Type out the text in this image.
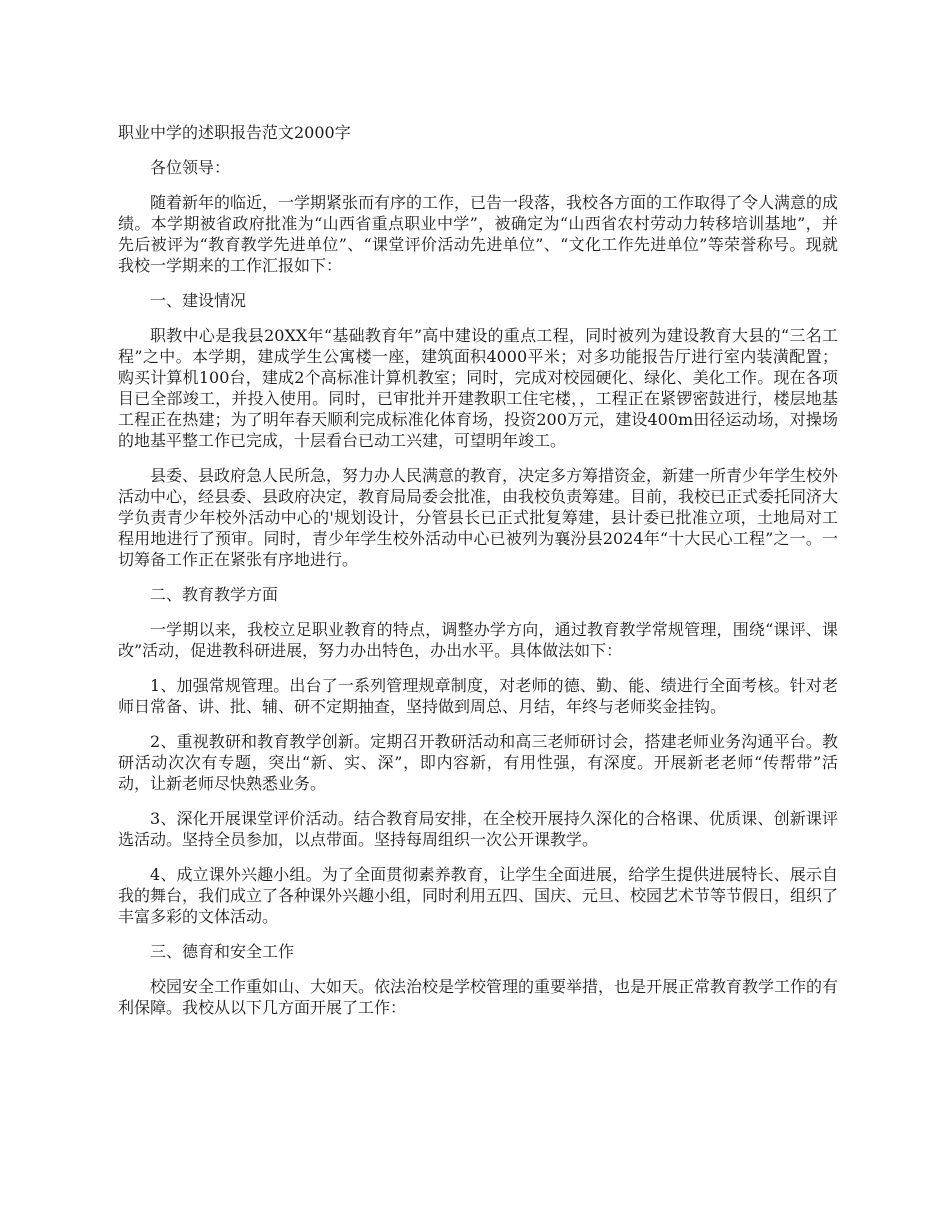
职业中学的述职报告范文2000字

各位领导：

随着新年的临近，一学期紧张而有序的工作，已告一段落，我校各方面的工作取得了令人满意的成绩。本学期被省政府批准为“山西省重点职业中学”，被确定为“山西省农村劳动力转移培训基地”，并先后被评为“教育教学先进单位”、“课堂评价活动先进单位”、“文化工作先进单位”等荣誉称号。现就我校一学期来的工作汇报如下：

一、建设情况

职教中心是我县20XX年“基础教育年”高中建设的重点工程，同时被列为建设教育大县的“三名工程”之中。本学期，建成学生公寓楼一座，建筑面积4000平米；对多功能报告厅进行室内装潢配置；购买计算机100台，建成2个高标准计算机教室；同时，完成对校园硬化、绿化、美化工作。现在各项目已全部竣工，并投入使用。同时，已审批并开建教职工住宅楼，，工程正在紧锣密鼓进行，楼层地基工程正在热建；为了明年春天顺利完成标准化体育场，投资200万元，建设400m田径运动场，对操场的地基平整工作已完成，十层看台已动工兴建，可望明年竣工。

县委、县政府急人民所急，努力办人民满意的教育，决定多方筹措资金，新建一所青少年学生校外活动中心，经县委、县政府决定，教育局局委会批准，由我校负责筹建。目前，我校已正式委托同济大学负责青少年校外活动中心的'规划设计，分管县长已正式批复筹建，县计委已批准立项，土地局对工程用地进行了预审。同时，青少年学生校外活动中心已被列为襄汾县2024年“十大民心工程”之一。一切筹备工作正在紧张有序地进行。

二、教育教学方面

一学期以来，我校立足职业教育的特点，调整办学方向，通过教育教学常规管理，围绕“课评、课改”活动，促进教科研进展，努力办出特色，办出水平。具体做法如下：

1、加强常规管理。出台了一系列管理规章制度，对老师的德、勤、能、绩进行全面考核。针对老师日常备、讲、批、辅、研不定期抽查，坚持做到周总、月结，年终与老师奖金挂钩。

2、重视教研和教育教学创新。定期召开教研活动和高三老师研讨会，搭建老师业务沟通平台。教研活动次次有专题，突出“新、实、深”，即内容新，有用性强，有深度。开展新老老师“传帮带”活动，让新老师尽快熟悉业务。

3、深化开展课堂评价活动。结合教育局安排，在全校开展持久深化的合格课、优质课、创新课评选活动。坚持全员参加，以点带面。坚持每周组织一次公开课教学。

4、成立课外兴趣小组。为了全面贯彻素养教育，让学生全面进展，给学生提供进展特长、展示自我的舞台，我们成立了各种课外兴趣小组，同时利用五四、国庆、元旦、校园艺术节等节假日，组织了丰富多彩的文体活动。

三、德育和安全工作

校园安全工作重如山、大如天。依法治校是学校管理的重要举措，也是开展正常教育教学工作的有利保障。我校从以下几方面开展了工作：
